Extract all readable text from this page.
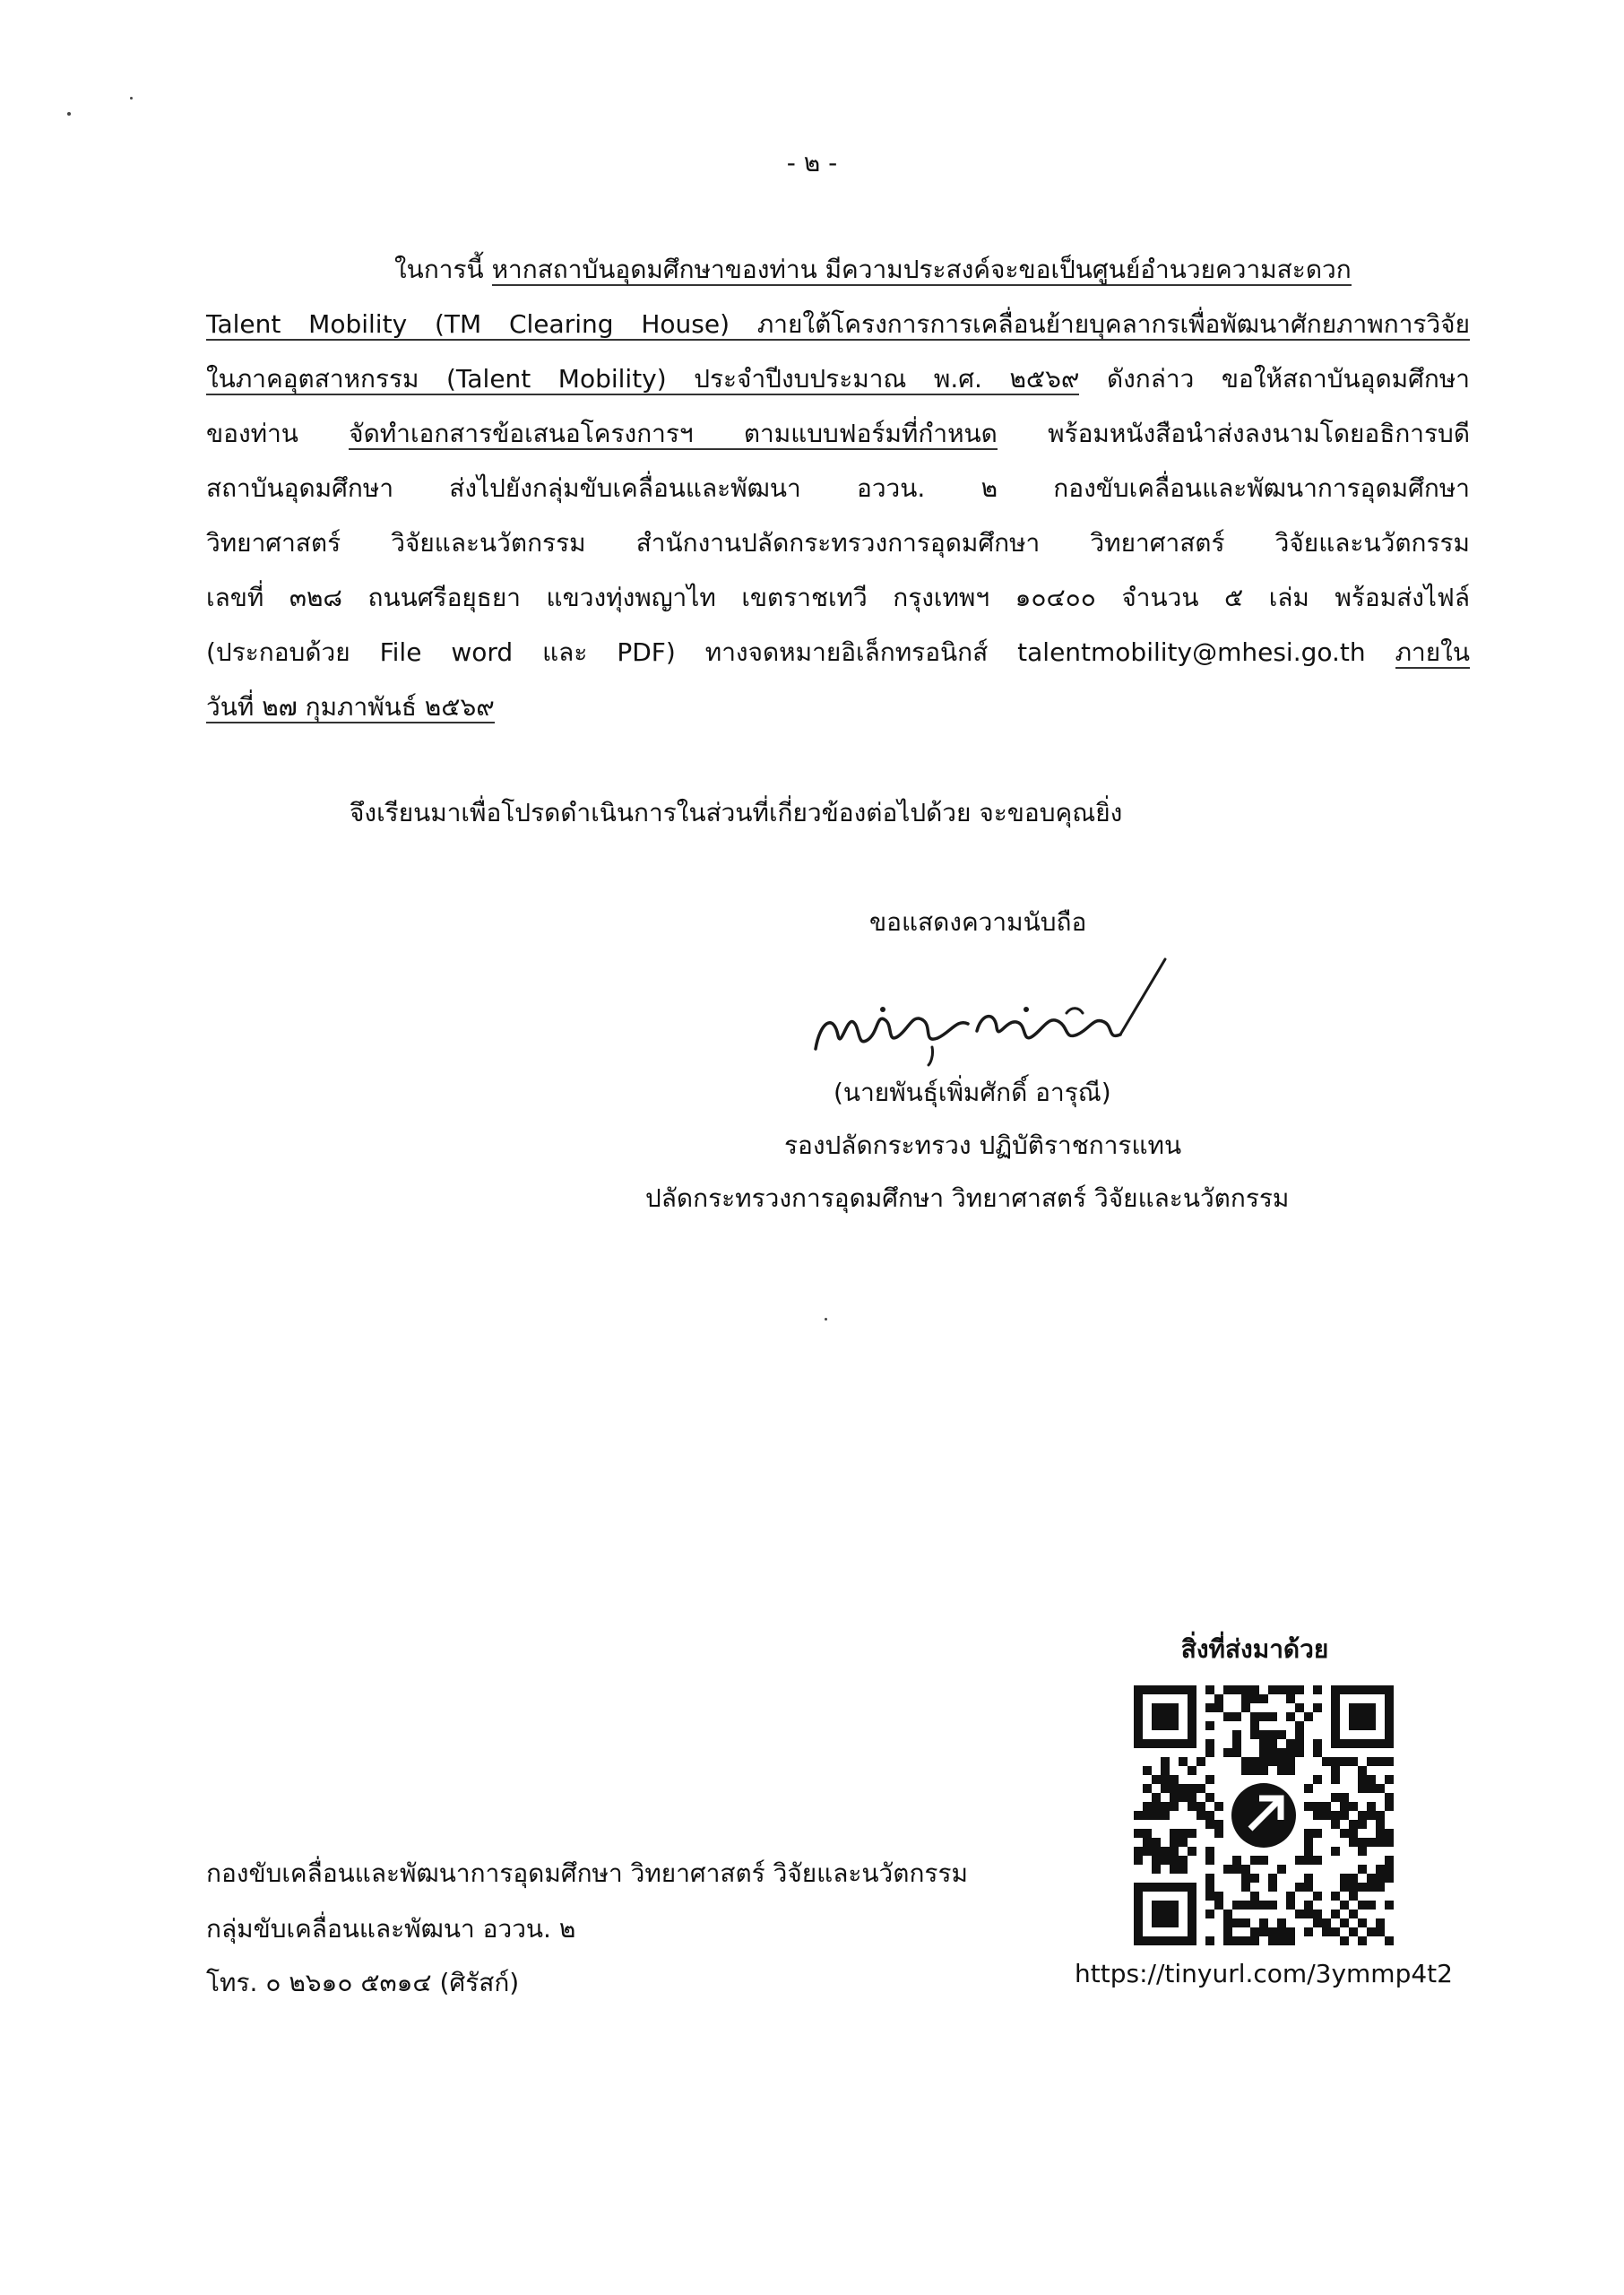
- ๒ -
ในการนี้ หากสถาบันอุดมศึกษาของท่าน มีความประสงค์จะขอเป็นศูนย์อำนวยความสะดวก
Talent Mobility (TM Clearing House) ภายใต้โครงการการเคลื่อนย้ายบุคลากรเพื่อพัฒนาศักยภาพการวิจัย
ในภาคอุตสาหกรรม (Talent Mobility) ประจำปีงบประมาณ พ.ศ. ๒๕๖๙ ดังกล่าว ขอให้สถาบันอุดมศึกษา
ของท่าน จัดทำเอกสารข้อเสนอโครงการฯ ตามแบบฟอร์มที่กำหนด พร้อมหนังสือนำส่งลงนามโดยอธิการบดี
สถาบันอุดมศึกษา ส่งไปยังกลุ่มขับเคลื่อนและพัฒนา อววน. ๒ กองขับเคลื่อนและพัฒนาการอุดมศึกษา
วิทยาศาสตร์ วิจัยและนวัตกรรม สำนักงานปลัดกระทรวงการอุดมศึกษา วิทยาศาสตร์ วิจัยและนวัตกรรม
เลขที่ ๓๒๘ ถนนศรีอยุธยา แขวงทุ่งพญาไท เขตราชเทวี กรุงเทพฯ ๑๐๔๐๐ จำนวน ๕ เล่ม พร้อมส่งไฟล์
(ประกอบด้วย File word และ PDF) ทางจดหมายอิเล็กทรอนิกส์ talentmobility@mhesi.go.th ภายใน
วันที่ ๒๗ กุมภาพันธ์ ๒๕๖๙
จึงเรียนมาเพื่อโปรดดำเนินการในส่วนที่เกี่ยวข้องต่อไปด้วย จะขอบคุณยิ่ง
ขอแสดงความนับถือ
(นายพันธุ์เพิ่มศักดิ์ อารุณี)
รองปลัดกระทรวง ปฏิบัติราชการแทน
ปลัดกระทรวงการอุดมศึกษา วิทยาศาสตร์ วิจัยและนวัตกรรม
สิ่งที่ส่งมาด้วย
https://tinyurl.com/3ymmp4t2
กองขับเคลื่อนและพัฒนาการอุดมศึกษา วิทยาศาสตร์ วิจัยและนวัตกรรม
กลุ่มขับเคลื่อนและพัฒนา อววน. ๒
โทร. ๐ ๒๖๑๐ ๕๓๑๔ (ศิรัสก์)
